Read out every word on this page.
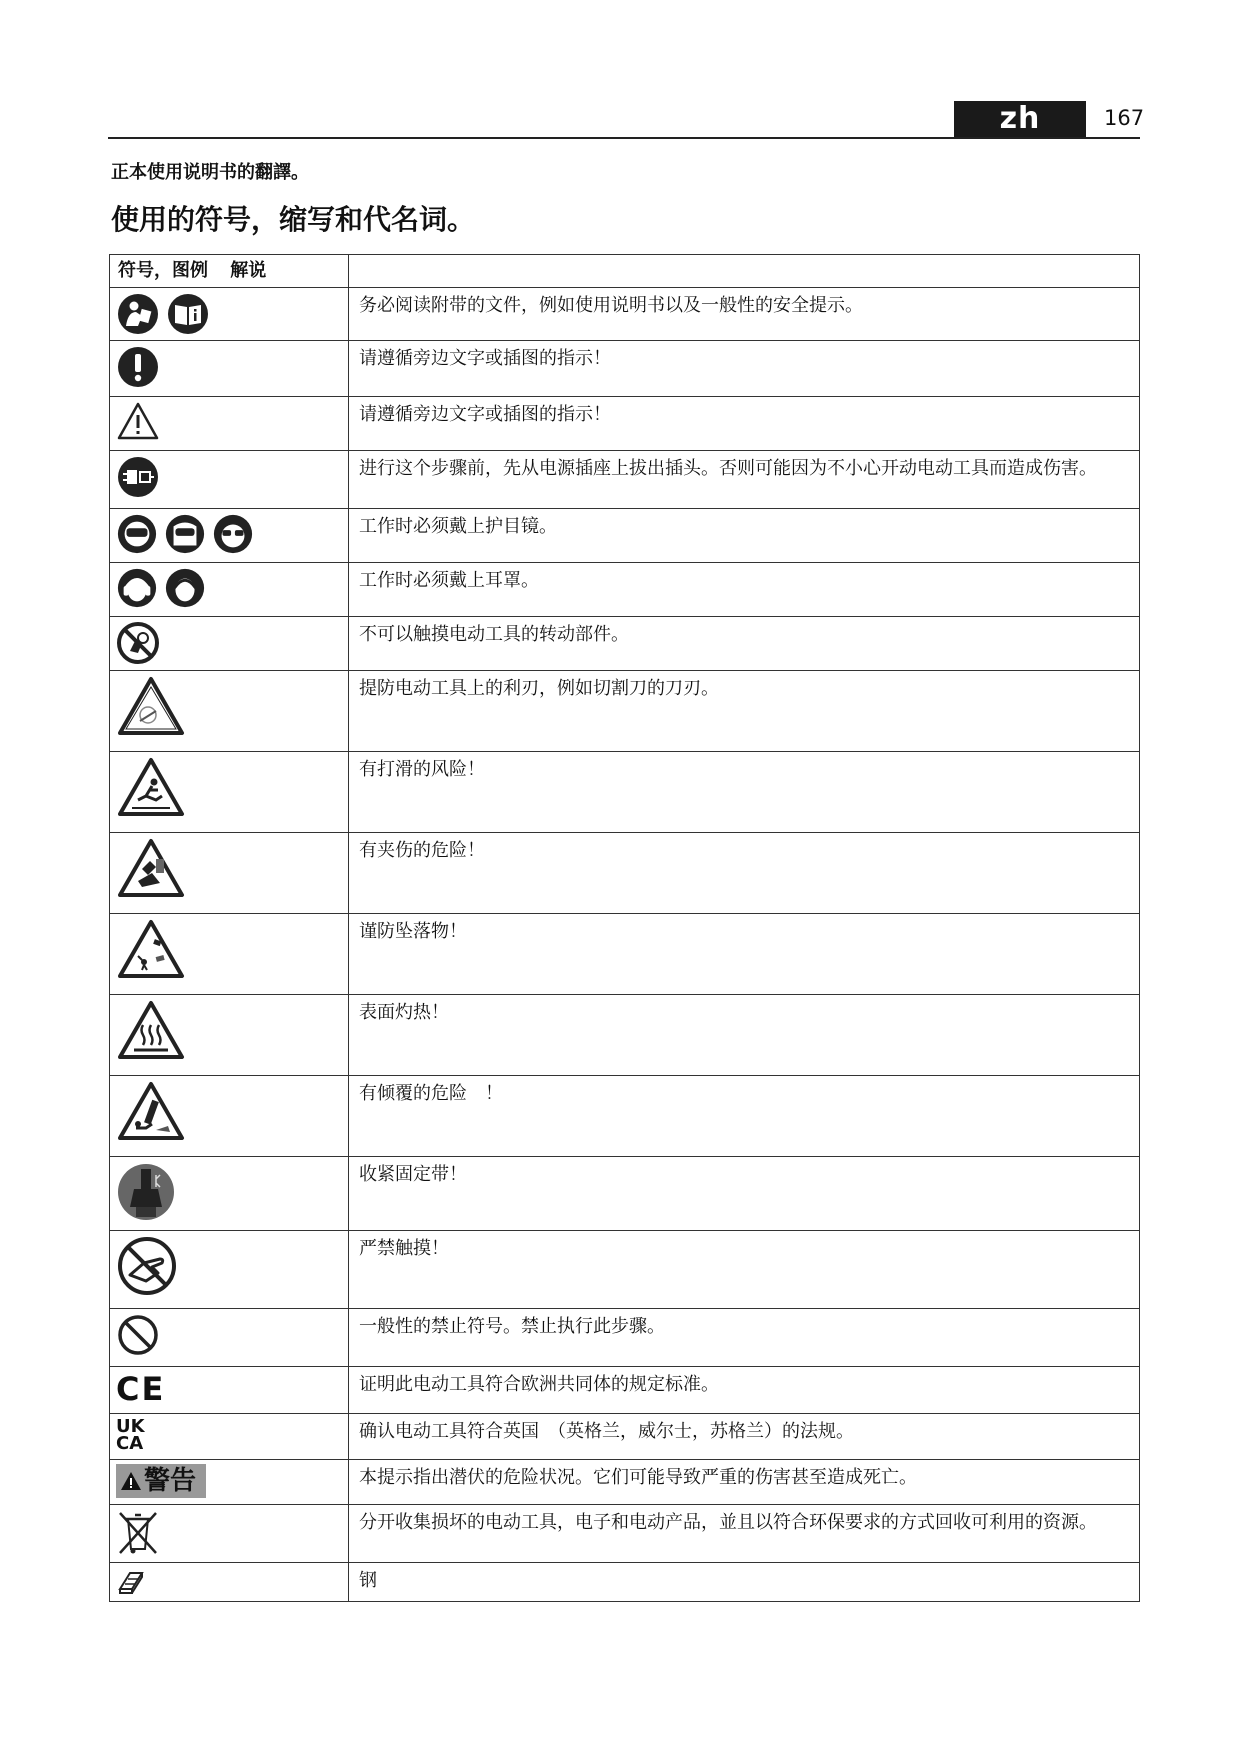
zh (CM)
167
正本使用说明书的翻譯。
使用的符号，缩写和代名词。
符号，图例 解说	

	务必阅读附带的文件，例如使用说明书以及一般性的安全提示。

	请遵循旁边文字或插图的指示！

	请遵循旁边文字或插图的指示！

	进行这个步骤前，先从电源插座上拔出插头。否则可能因为不小心开动电动工具而造成伤害。

	工作时必须戴上护目镜。

	工作时必须戴上耳罩。

	不可以触摸电动工具的转动部件。

	提防电动工具上的利刃，例如切割刀的刀刃。

	有打滑的风险！

	有夹伤的危险！

	谨防坠落物！

	表面灼热！

	有倾覆的危险　！

	收紧固定带！

	严禁触摸！

	一般性的禁止符号。禁止执行此步骤。

CE	证明此电动工具符合欧洲共同体的规定标准。

UK
CA	确认电动工具符合英国　（英格兰，威尔士，苏格兰）的法规。

警告	本提示指出潜伏的危险状况。它们可能导致严重的伤害甚至造成死亡。

	分开收集损坏的电动工具，电子和电动产品，並且以符合环保要求的方式回收可利用的资源。

	钢
